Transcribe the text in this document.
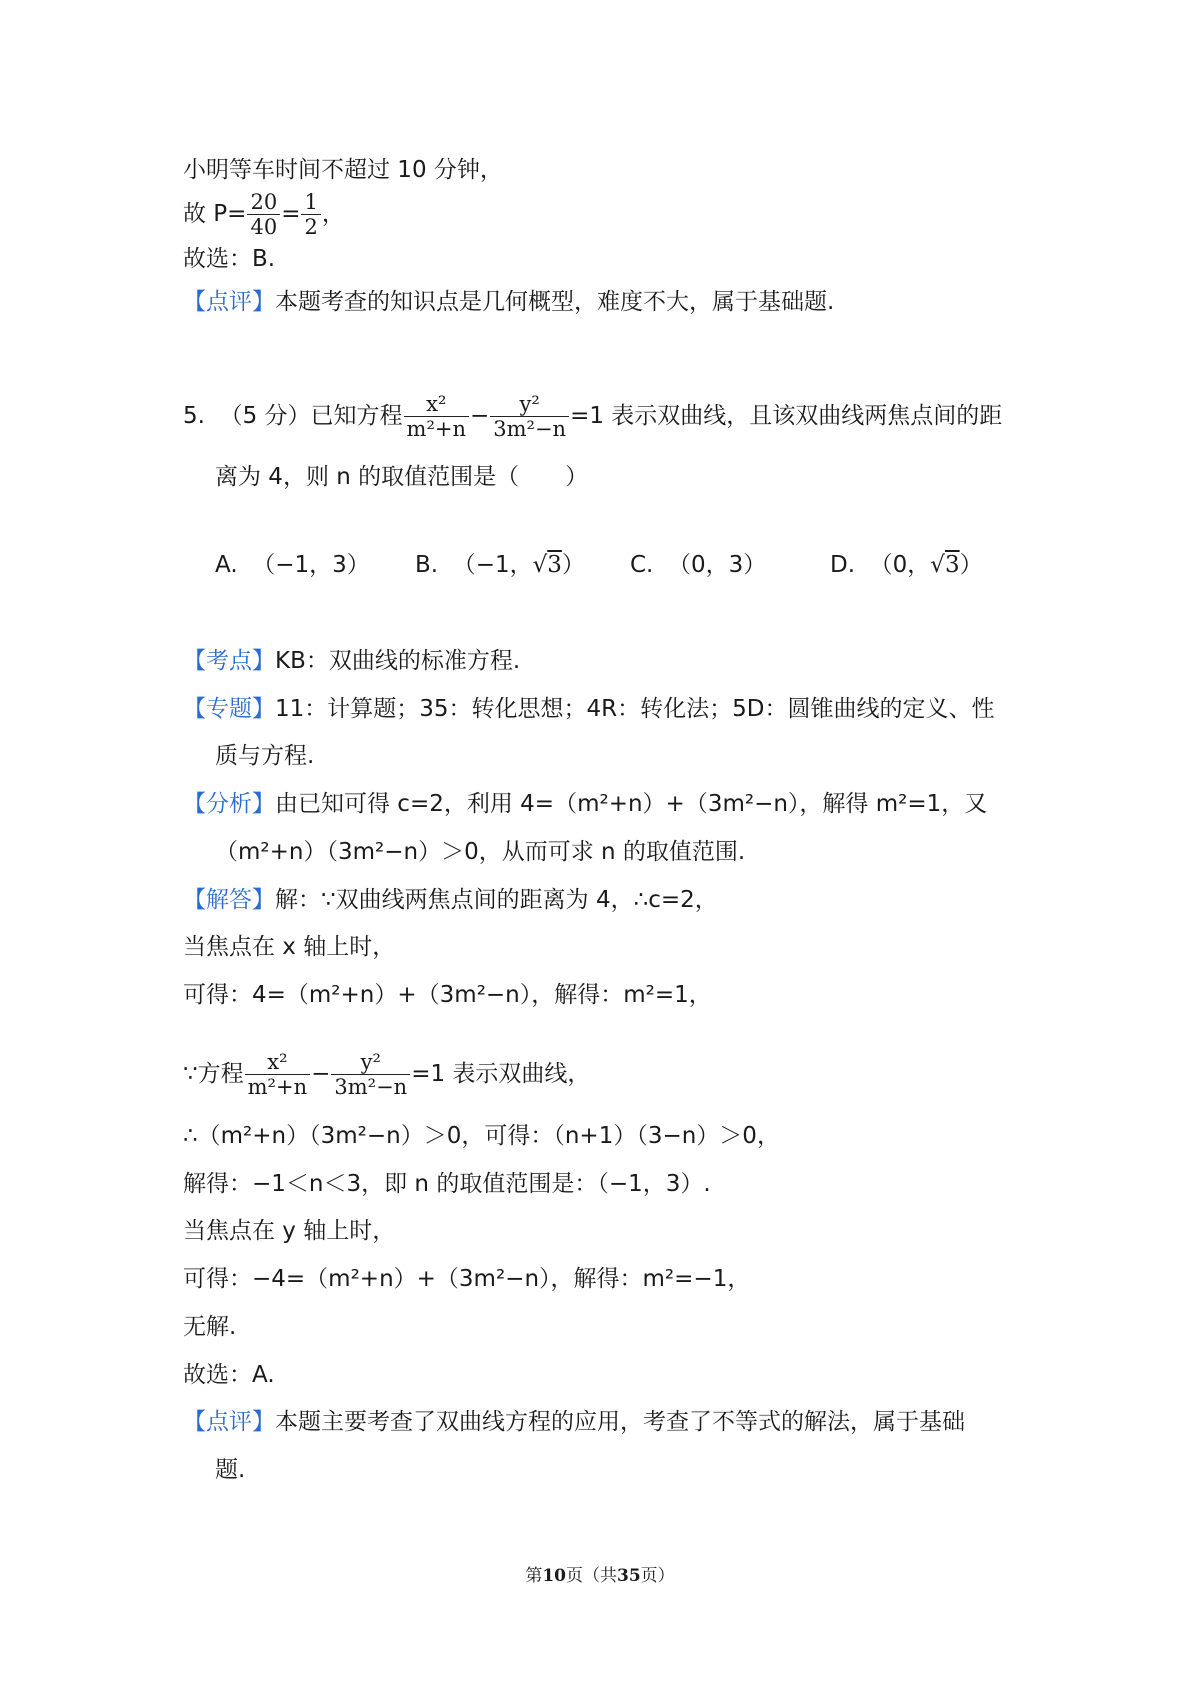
小明等车时间不超过 10 分钟，
故 $P= \frac{20}{40} = \frac{1}{2}$ ，
故选：B.
【点评】本题考查的知识点是几何概型，难度不大，属于基础题.
5. （5 分）已知方程 $\frac{\text{x²}}{\text{m²+n}} - \frac{\text{y²}}{\text{3m²−n}} =1$ 表示双曲线，且该双曲线两焦点间的距
离为 4，则 n 的取值范围是（　　）
A. （−1，3） B. （−1，√3） C. （0，3）	D. （0，√3）
【考点】KB：双曲线的标准方程.
【专题】11：计算题；35：转化思想；4R：转化法；5D：圆锥曲线的定义、性
质与方程.
【分析】由已知可得 c=2，利用 4=（m²+n）+（3m²−n），解得 m²=1，又
（m²+n）（3m²−n）＞0，从而可求 n 的取值范围.
【解答】解：∵双曲线两焦点间的距离为 4，∴c=2，
当焦点在 x 轴上时，
可得：4=（m²+n）+（3m²−n），解得：m²=1，
∵方程 $\frac{\text{x²}}{\text{m²+n}} - \frac{\text{y²}}{\text{3m²−n}} =1$ 表示双曲线，
∴（m²+n）（3m²−n）＞0，可得：（n+1）（3−n）＞0，
解得：−1＜n＜3，即 n 的取值范围是：（−1，3）.
当焦点在 y 轴上时，
可得：−4=（m²+n）+（3m²−n），解得：m²=−1，
无解.
故选：A.
【点评】本题主要考查了双曲线方程的应用，考查了不等式的解法，属于基础
题.
第10页（共35页）
